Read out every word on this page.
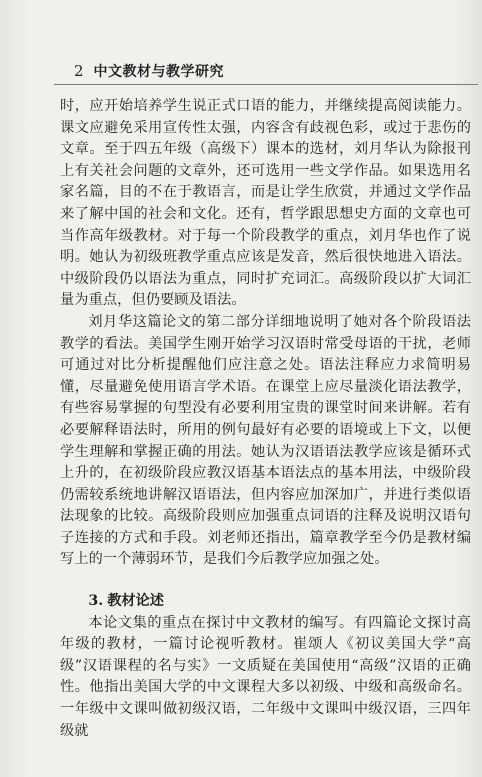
2 中文教材与教学研究

时，应开始培养学生说正式口语的能力，并继续提高阅读能力。课文应避免采用宣传性太强，内容含有歧视色彩，或过于悲伤的文章。至于四五年级（高级下）课本的选材，刘月华认为除报刊上有关社会问题的文章外，还可选用一些文学作品。如果选用名家名篇，目的不在于教语言，而是让学生欣赏，并通过文学作品来了解中国的社会和文化。还有，哲学跟思想史方面的文章也可当作高年级教材。对于每一个阶段教学的重点，刘月华也作了说明。她认为初级班教学重点应该是发音，然后很快地进入语法。中级阶段仍以语法为重点，同时扩充词汇。高级阶段以扩大词汇量为重点，但仍要顾及语法。

刘月华这篇论文的第二部分详细地说明了她对各个阶段语法教学的看法。美国学生刚开始学习汉语时常受母语的干扰，老师可通过对比分析提醒他们应注意之处。语法注释应力求简明易懂，尽量避免使用语言学术语。在课堂上应尽量淡化语法教学，有些容易掌握的句型没有必要利用宝贵的课堂时间来讲解。若有必要解释语法时，所用的例句最好有必要的语境或上下文，以便学生理解和掌握正确的用法。她认为汉语语法教学应该是循环式上升的，在初级阶段应教汉语基本语法点的基本用法，中级阶段仍需较系统地讲解汉语语法，但内容应加深加广，并进行类似语法现象的比较。高级阶段则应加强重点词语的注释及说明汉语句子连接的方式和手段。刘老师还指出，篇章教学至今仍是教材编写上的一个薄弱环节，是我们今后教学应加强之处。

3. 教材论述

本论文集的重点在探讨中文教材的编写。有四篇论文探讨高年级的教材，一篇讨论视听教材。崔颂人《初议美国大学“高级”汉语课程的名与实》一文质疑在美国使用“高级”汉语的正确性。他指出美国大学的中文课程大多以初级、中级和高级命名。一年级中文课叫做初级汉语，二年级中文课叫中级汉语，三四年级就
